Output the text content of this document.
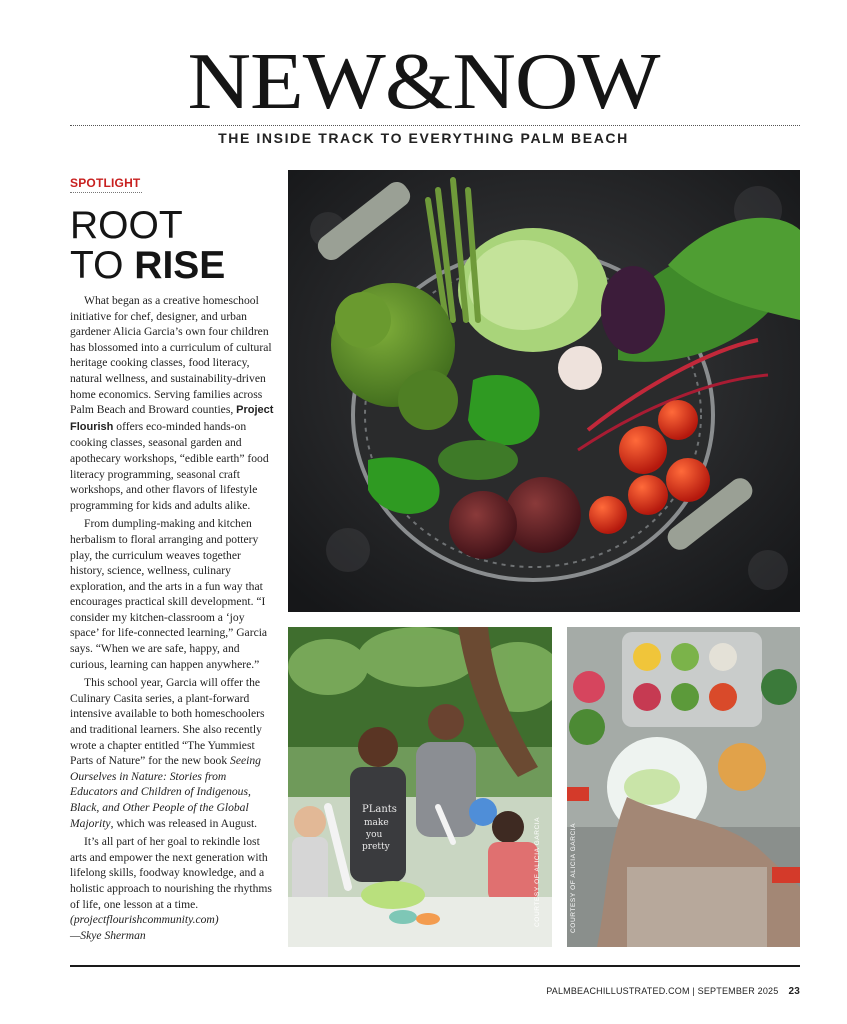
NEW&NOW
THE INSIDE TRACK TO EVERYTHING PALM BEACH
SPOTLIGHT
ROOT
TO RISE

What began as a creative homeschool initiative for chef, designer, and urban gardener Alicia Garcia’s own four children has blossomed into a curriculum of cultural heritage cooking classes, food literacy, natural wellness, and sustainability-driven home economics. Serving families across Palm Beach and Broward counties, Project Flourish offers eco-minded hands-on cooking classes, seasonal garden and apothecary workshops, “edible earth” food literacy programming, seasonal craft workshops, and other flavors of lifestyle programming for kids and adults alike.

From dumpling-making and kitchen herbalism to floral arranging and pottery play, the curriculum weaves together history, science, wellness, culinary exploration, and the arts in a fun way that encourages practical skill development. “I consider my kitchen-classroom a ‘joy space’ for life-connected learning,” Garcia says. “When we are safe, happy, and curious, learning can happen anywhere.”

This school year, Garcia will offer the Culinary Casita series, a plant-forward intensive available to both homeschoolers and traditional learners. She also recently wrote a chapter entitled “The Yummiest Parts of Nature” for the new book Seeing Ourselves in Nature: Stories from Educators and Children of Indigenous, Black, and Other People of the Global Majority, which was released in August.

It’s all part of her goal to rekindle lost arts and empower the next generation with lifelong skills, foodway knowledge, and a holistic approach to nourishing the rhythms of life, one lesson at a time. (projectflourishcommunity.com)
—Skye Sherman

PLants
make
you
pretty	COURTESY OF ALICIA GARCIA	COURTESY OF ALICIA GARCIA
PALMBEACHILLUSTRATED.COM | SEPTEMBER 2025 23
